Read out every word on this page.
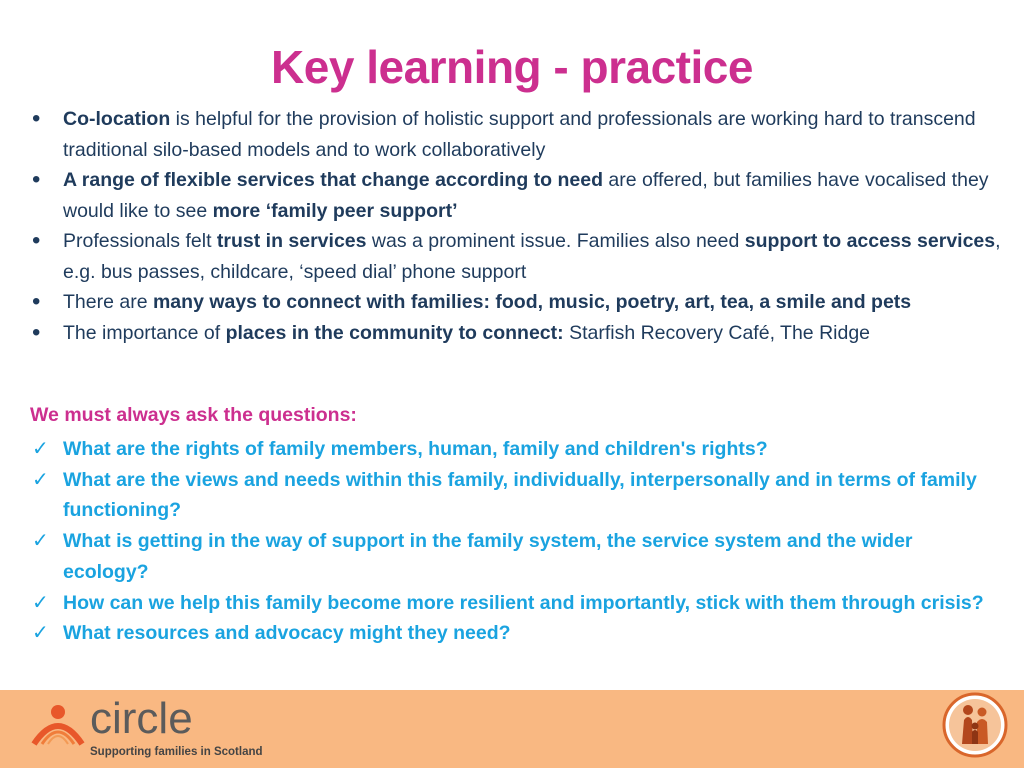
Key learning - practice
• Co-location is helpful for the provision of holistic support and professionals are working hard to transcend traditional silo-based models and to work collaboratively
• A range of flexible services that change according to need are offered, but families have vocalised they would like to see more ‘family peer support’
• Professionals felt trust in services was a prominent issue. Families also need support to access services, e.g. bus passes, childcare, ‘speed dial’ phone support
• There are many ways to connect with families: food, music, poetry, art, tea, a smile and pets
• The importance of places in the community to connect: Starfish Recovery Café, The Ridge
We must always ask the questions:
✓ What are the rights of family members, human, family and children's rights?
✓ What are the views and needs within this family, individually, interpersonally and in terms of family functioning?
✓ What is getting in the way of support in the family system, the service system and the wider ecology?
✓ How can we help this family become more resilient and importantly, stick with them through crisis?
✓ What resources and advocacy might they need?
circle
Supporting families in Scotland
